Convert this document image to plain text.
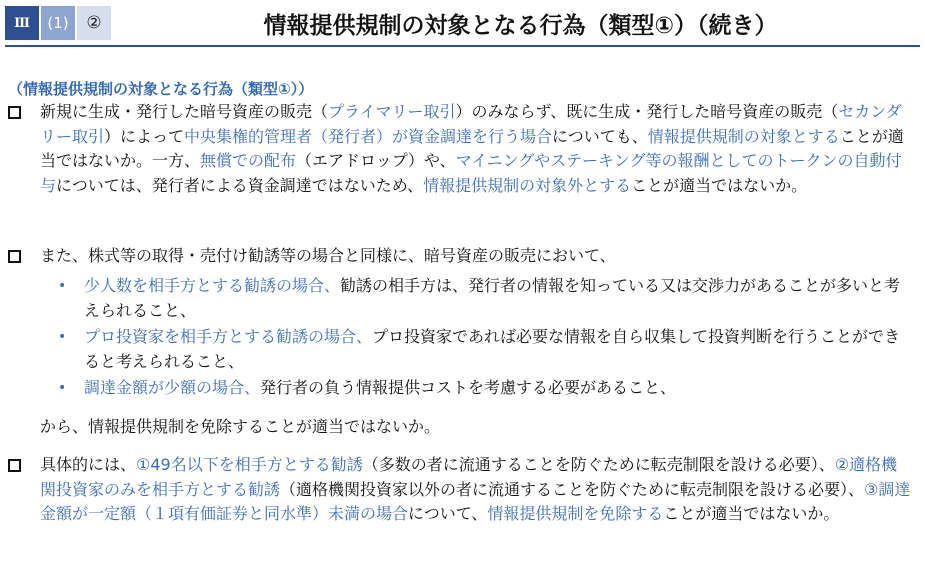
Ⅲ	(1)	②	情報提供規制の対象となる行為（類型①）（続き）
（情報提供規制の対象となる行為（類型①））
新規に生成・発行した暗号資産の販売（プライマリー取引）のみならず、既に生成・発行した暗号資産の販売（セカンダリー取引）によって中央集権的管理者（発行者）が資金調達を行う場合についても、情報提供規制の対象とすることが適当ではないか。一方、無償での配布（エアドロップ）や、マイニングやステーキング等の報酬としてのトークンの自動付与については、発行者による資金調達ではないため、情報提供規制の対象外とすることが適当ではないか。
また、株式等の取得・売付け勧誘等の場合と同様に、暗号資産の販売において、
• 少人数を相手方とする勧誘の場合、勧誘の相手方は、発行者の情報を知っている又は交渉力があることが多いと考えられること、
• プロ投資家を相手方とする勧誘の場合、プロ投資家であれば必要な情報を自ら収集して投資判断を行うことができると考えられること、
• 調達金額が少額の場合、発行者の負う情報提供コストを考慮する必要があること、
から、情報提供規制を免除することが適当ではないか。
具体的には、①49名以下を相手方とする勧誘（多数の者に流通することを防ぐために転売制限を設ける必要）、②適格機関投資家のみを相手方とする勧誘（適格機関投資家以外の者に流通することを防ぐために転売制限を設ける必要）、③調達金額が一定額（１項有価証券と同水準）未満の場合について、情報提供規制を免除することが適当ではないか。
